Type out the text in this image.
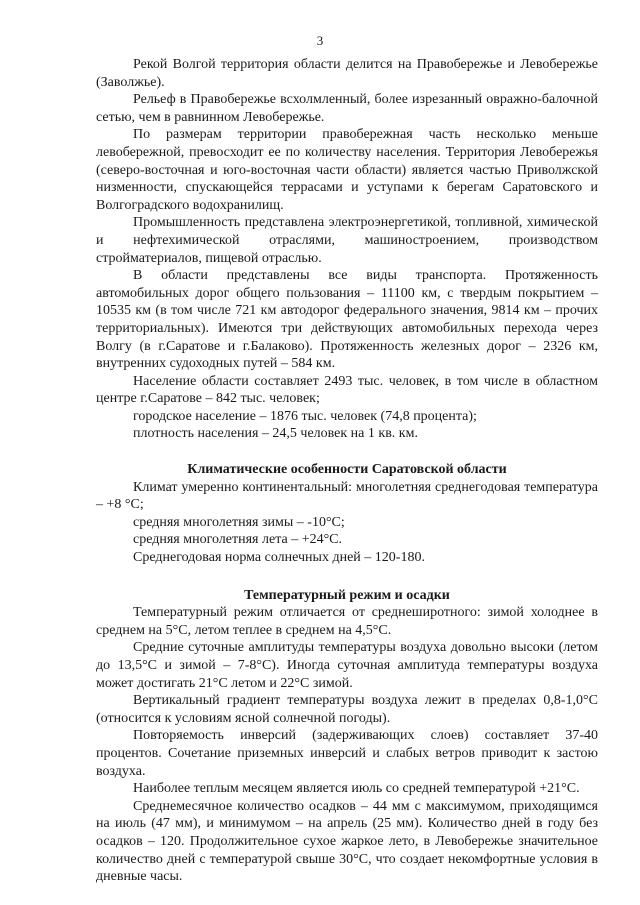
3

Рекой Волгой территория области делится на Правобережье и Левобережье (Заволжье).

Рельеф в Правобережье всхолмленный, более изрезанный овражно-балочной сетью, чем в равнинном Левобережье.

По размерам территории правобережная часть несколько меньше левобережной, превосходит ее по количеству населения. Территория Левобережья (северо-восточная и юго-восточная части области) является частью Приволжской низменности, спускающейся террасами и уступами к берегам Саратовского и Волгоградского водохранилищ.

Промышленность представлена электроэнергетикой, топливной, химической и нефтехимической отраслями, машиностроением, производством стройматериалов, пищевой отраслью.

В области представлены все виды транспорта. Протяженность автомобильных дорог общего пользования – 11100 км, с твердым покрытием – 10535 км (в том числе 721 км автодорог федерального значения, 9814 км – прочих территориальных). Имеются три действующих автомобильных перехода через Волгу (в г.Саратове и г.Балаково). Протяженность железных дорог – 2326 км, внутренних судоходных путей – 584 км.

Население области составляет 2493 тыс. человек, в том числе в областном центре г.Саратове – 842 тыс. человек;

городское население – 1876 тыс. человек (74,8 процента);

плотность населения – 24,5 человек на 1 кв. км.

Климатические особенности Саратовской области

Климат умеренно континентальный: многолетняя среднегодовая температура – +8 °С;

средняя многолетняя зимы – -10°С;

средняя многолетняя лета – +24°С.

Среднегодовая норма солнечных дней – 120-180.

Температурный режим и осадки

Температурный режим отличается от среднеширотного: зимой холоднее в среднем на 5°С, летом теплее в среднем на 4,5°С.

Средние суточные амплитуды температуры воздуха довольно высоки (летом до 13,5°С и зимой – 7-8°С). Иногда суточная амплитуда температуры воздуха может достигать 21°С летом и 22°С зимой.

Вертикальный градиент температуры воздуха лежит в пределах 0,8-1,0°С (относится к условиям ясной солнечной погоды).

Повторяемость инверсий (задерживающих слоев) составляет 37-40 процентов. Сочетание приземных инверсий и слабых ветров приводит к застою воздуха.

Наиболее теплым месяцем является июль со средней температурой +21°С.

Среднемесячное количество осадков – 44 мм с максимумом, приходящимся на июль (47 мм), и минимумом – на апрель (25 мм). Количество дней в году без осадков – 120. Продолжительное сухое жаркое лето, в Левобережье значительное количество дней с температурой свыше 30°С, что создает некомфортные условия в дневные часы.
